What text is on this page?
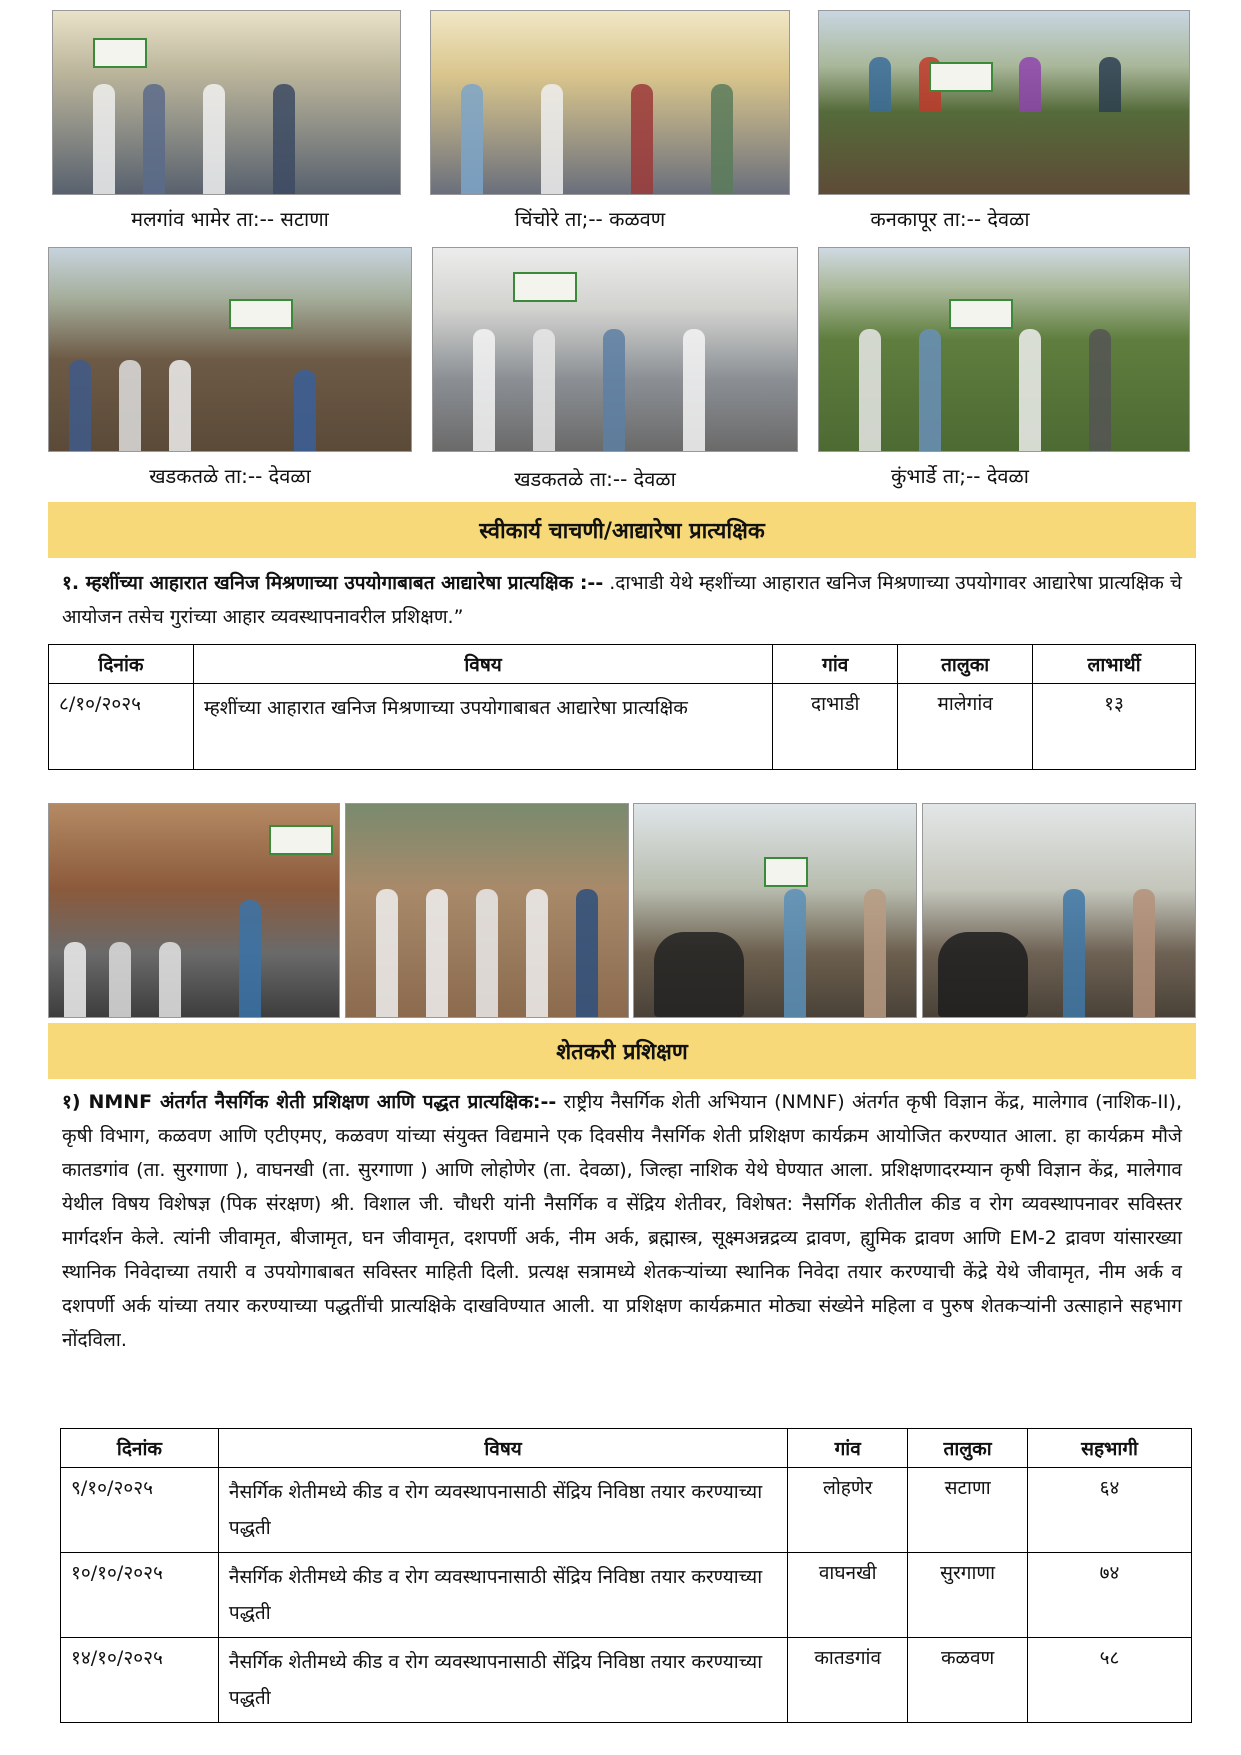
मलगांव भामेर ता:-- सटाणा	चिंचोरे ता;-- कळवण	कनकापूर ता:-- देवळा
खडकतळे ता:-- देवळा	खडकतळे ता:-- देवळा	कुंभार्डे ता;-- देवळा
स्वीकार्य चाचणी/आद्यारेषा प्रात्यक्षिक
१. म्हशींच्या आहारात खनिज मिश्रणाच्या उपयोगाबाबत आद्यारेषा प्रात्यक्षिक :-- .दाभाडी येथे म्हशींच्या आहारात खनिज मिश्रणाच्या उपयोगावर आद्यारेषा प्रात्यक्षिक चे आयोजन तसेच गुरांच्या आहार व्यवस्थापनावरील प्रशिक्षण.”
दिनांक	विषय	गांव	तालुका	लाभार्थी
८/१०/२०२५	म्हशींच्या आहारात खनिज मिश्रणाच्या उपयोगाबाबत आद्यारेषा प्रात्यक्षिक	दाभाडी	मालेगांव	१३
शेतकरी प्रशिक्षण
१) NMNF अंतर्गत नैसर्गिक शेती प्रशिक्षण आणि पद्धत प्रात्यक्षिक:-- राष्ट्रीय नैसर्गिक शेती अभियान (NMNF) अंतर्गत कृषी विज्ञान केंद्र, मालेगाव (नाशिक-II), कृषी विभाग, कळवण आणि एटीएमए, कळवण यांच्या संयुक्त विद्यमाने एक दिवसीय नैसर्गिक शेती प्रशिक्षण कार्यक्रम आयोजित करण्यात आला. हा कार्यक्रम मौजे कातडगांव (ता. सुरगाणा ), वाघनखी (ता. सुरगाणा ) आणि लोहोणेर (ता. देवळा), जिल्हा नाशिक येथे घेण्यात आला. प्रशिक्षणादरम्यान कृषी विज्ञान केंद्र, मालेगाव येथील विषय विशेषज्ञ (पिक संरक्षण) श्री. विशाल जी. चौधरी यांनी नैसर्गिक व सेंद्रिय शेतीवर, विशेषत: नैसर्गिक शेतीतील कीड व रोग व्यवस्थापनावर सविस्तर मार्गदर्शन केले. त्यांनी जीवामृत, बीजामृत, घन जीवामृत, दशपर्णी अर्क, नीम अर्क, ब्रह्मास्त्र, सूक्ष्मअन्नद्रव्य द्रावण, ह्युमिक द्रावण आणि EM-2 द्रावण यांसारख्या स्थानिक निवेदाच्या तयारी व उपयोगाबाबत सविस्तर माहिती दिली. प्रत्यक्ष सत्रामध्ये शेतकऱ्यांच्या स्थानिक निवेदा तयार करण्याची केंद्रे येथे जीवामृत, नीम अर्क व दशपर्णी अर्क यांच्या तयार करण्याच्या पद्धतींची प्रात्यक्षिके दाखविण्यात आली. या प्रशिक्षण कार्यक्रमात मोठ्या संख्येने महिला व पुरुष शेतकऱ्यांनी उत्साहाने सहभाग नोंदविला.
दिनांक	विषय	गांव	तालुका	सहभागी
९/१०/२०२५	नैसर्गिक शेतीमध्ये कीड व रोग व्यवस्थापनासाठी सेंद्रिय निविष्ठा तयार करण्याच्या पद्धती	लोहणेर	सटाणा	६४
१०/१०/२०२५	नैसर्गिक शेतीमध्ये कीड व रोग व्यवस्थापनासाठी सेंद्रिय निविष्ठा तयार करण्याच्या पद्धती	वाघनखी	सुरगाणा	७४
१४/१०/२०२५	नैसर्गिक शेतीमध्ये कीड व रोग व्यवस्थापनासाठी सेंद्रिय निविष्ठा तयार करण्याच्या पद्धती	कातडगांव	कळवण	५८
